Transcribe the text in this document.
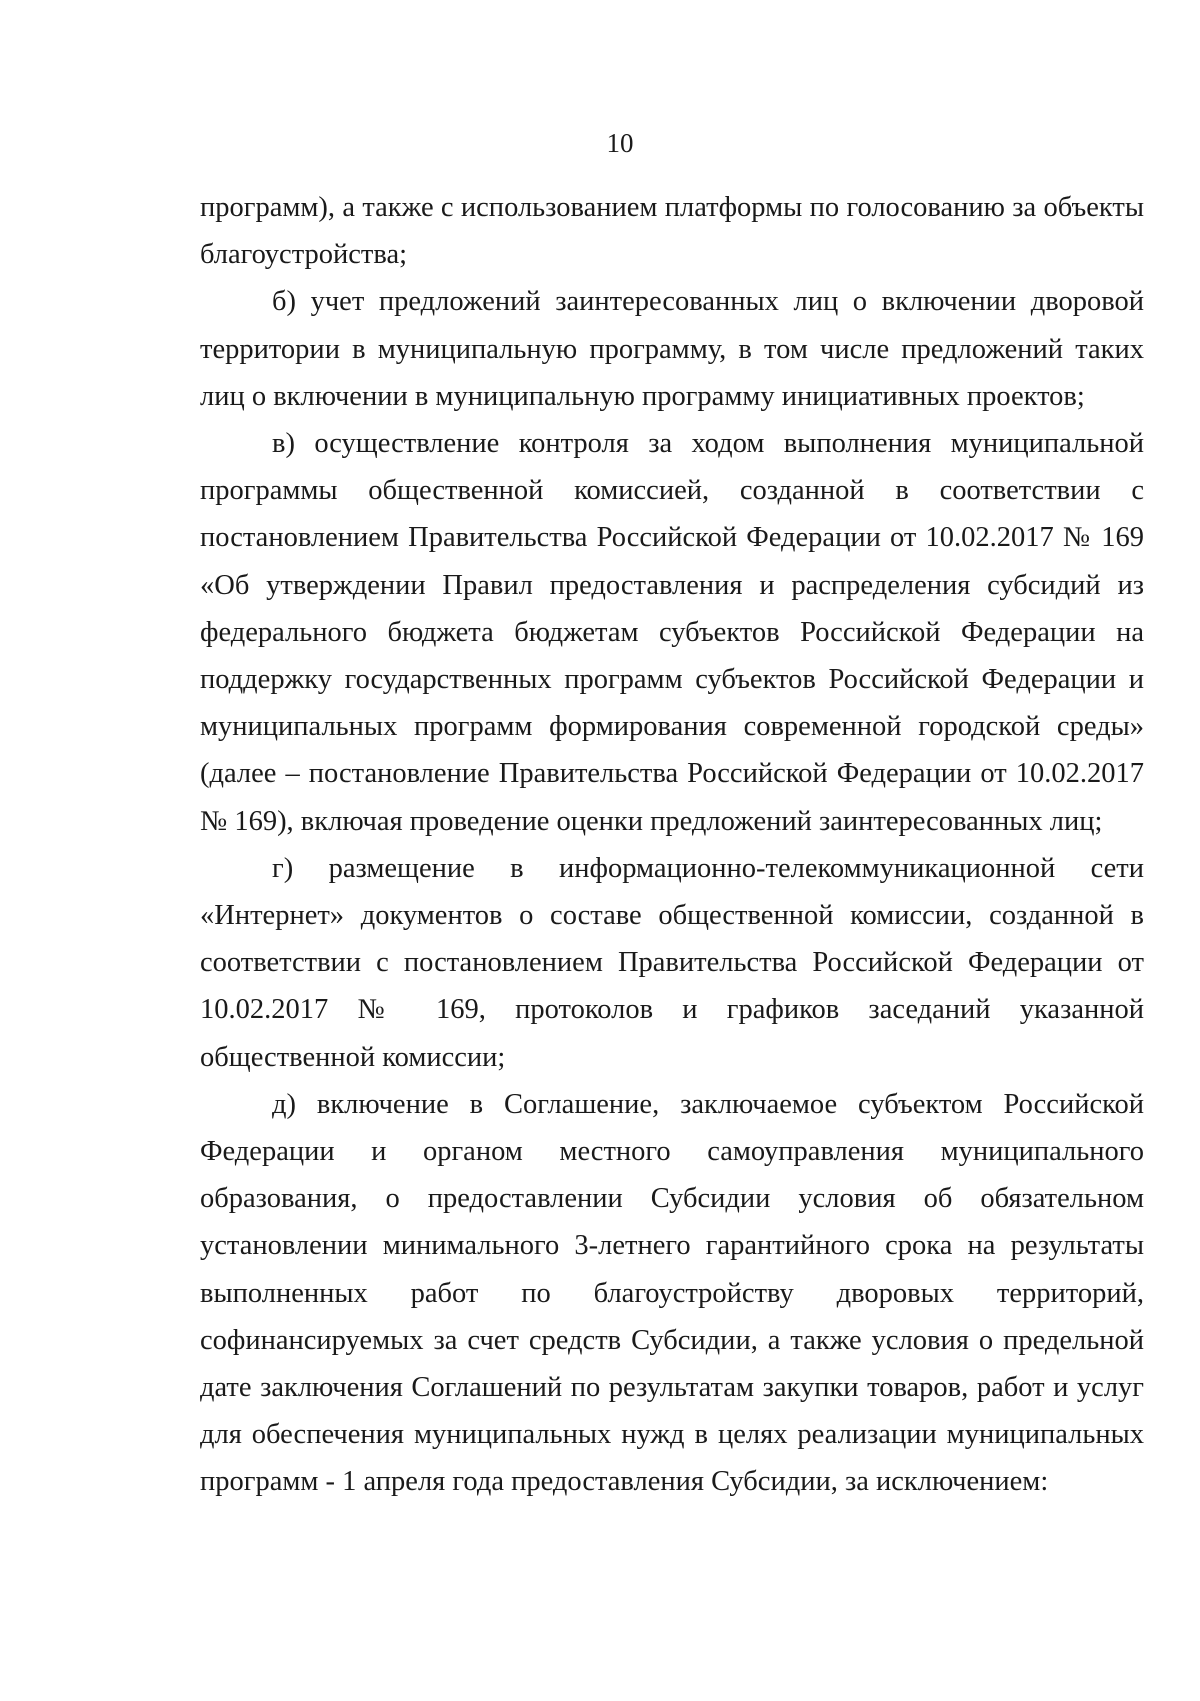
10

программ), а также с использованием платформы по голосованию за объекты благоустройства;

б) учет предложений заинтересованных лиц о включении дворовой территории в муниципальную программу, в том числе предложений таких лиц о включении в муниципальную программу инициативных проектов;

в) осуществление контроля за ходом выполнения муниципальной программы общественной комиссией, созданной в соответствии с постановлением Правительства Российской Федерации от 10.02.2017 № 169 «Об утверждении Правил предоставления и распределения субсидий из федерального бюджета бюджетам субъектов Российской Федерации на поддержку государственных программ субъектов Российской Федерации и муниципальных программ формирования современной городской среды» (далее – постановление Правительства Российской Федерации от 10.02.2017 № 169), включая проведение оценки предложений заинтересованных лиц;

г) размещение в информационно-телекоммуникационной сети «Интернет» документов о составе общественной комиссии, созданной в соответствии с постановлением Правительства Российской Федерации от 10.02.2017 № 169, протоколов и графиков заседаний указанной общественной комиссии;

д) включение в Соглашение, заключаемое субъектом Российской Федерации и органом местного самоуправления муниципального образования, о предоставлении Субсидии условия об обязательном установлении минимального 3-летнего гарантийного срока на результаты выполненных работ по благоустройству дворовых территорий, софинансируемых за счет средств Субсидии, а также условия о предельной дате заключения Соглашений по результатам закупки товаров, работ и услуг для обеспечения муниципальных нужд в целях реализации муниципальных программ - 1 апреля года предоставления Субсидии, за исключением:
